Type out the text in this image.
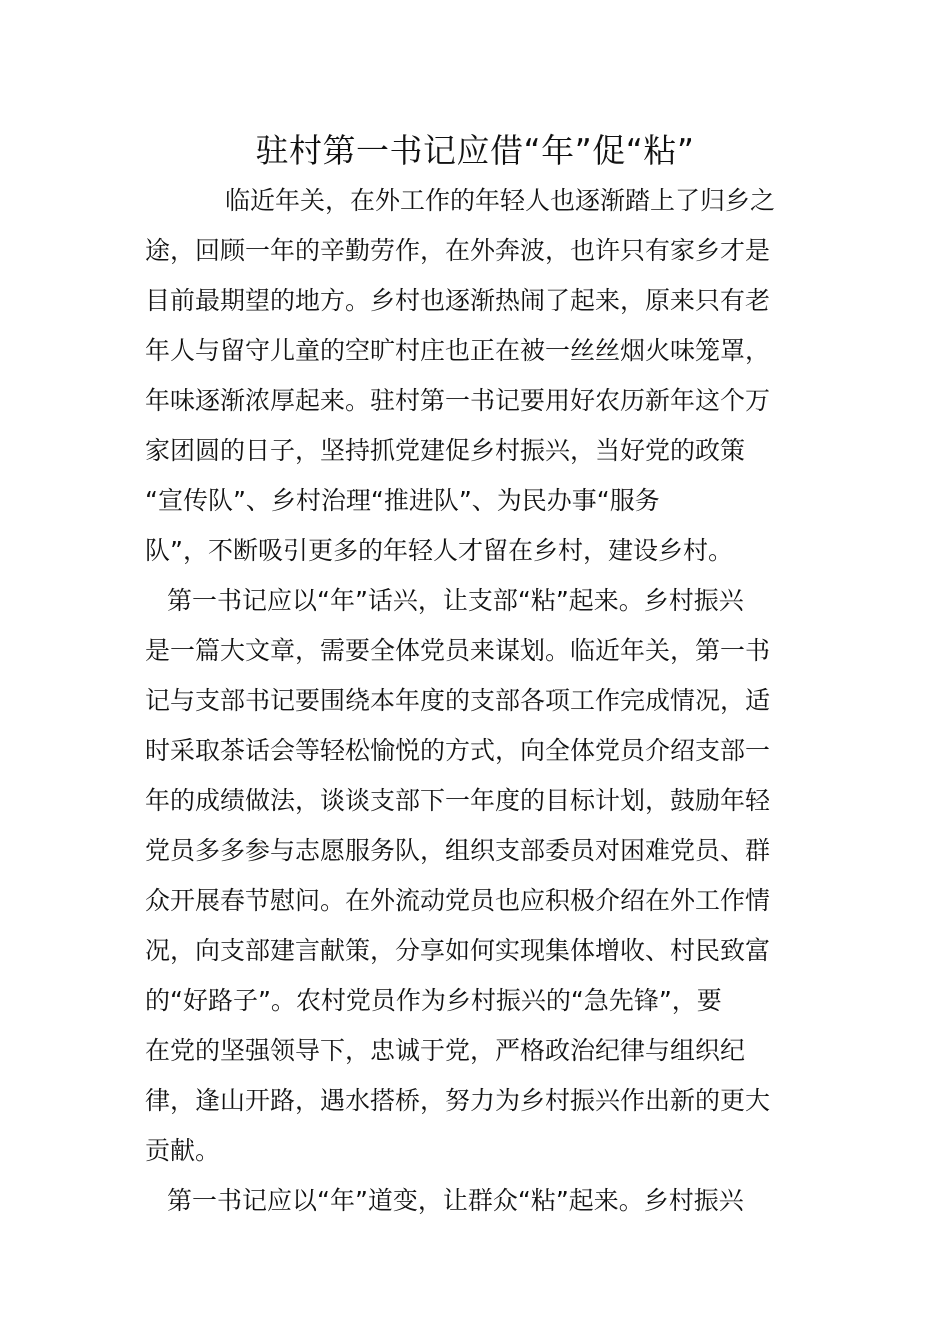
驻村第一书记应借“年”促“粘”

临近年关，在外工作的年轻人也逐渐踏上了归乡之

途，回顾一年的辛勤劳作，在外奔波，也许只有家乡才是

目前最期望的地方。乡村也逐渐热闹了起来，原来只有老

年人与留守儿童的空旷村庄也正在被一丝丝烟火味笼罩，

年味逐渐浓厚起来。驻村第一书记要用好农历新年这个万

家团圆的日子，坚持抓党建促乡村振兴，当好党的政策

“宣传队”、乡村治理“推进队”、为民办事“服务

队”，不断吸引更多的年轻人才留在乡村，建设乡村。

第一书记应以“年”话兴，让支部“粘”起来。乡村振兴

是一篇大文章，需要全体党员来谋划。临近年关，第一书

记与支部书记要围绕本年度的支部各项工作完成情况，适

时采取茶话会等轻松愉悦的方式，向全体党员介绍支部一

年的成绩做法，谈谈支部下一年度的目标计划，鼓励年轻

党员多多参与志愿服务队，组织支部委员对困难党员、群

众开展春节慰问。在外流动党员也应积极介绍在外工作情

况，向支部建言献策，分享如何实现集体增收、村民致富

的“好路子”。农村党员作为乡村振兴的“急先锋”，要

在党的坚强领导下，忠诚于党，严格政治纪律与组织纪

律，逢山开路，遇水搭桥，努力为乡村振兴作出新的更大

贡献。

第一书记应以“年”道变，让群众“粘”起来。乡村振兴
